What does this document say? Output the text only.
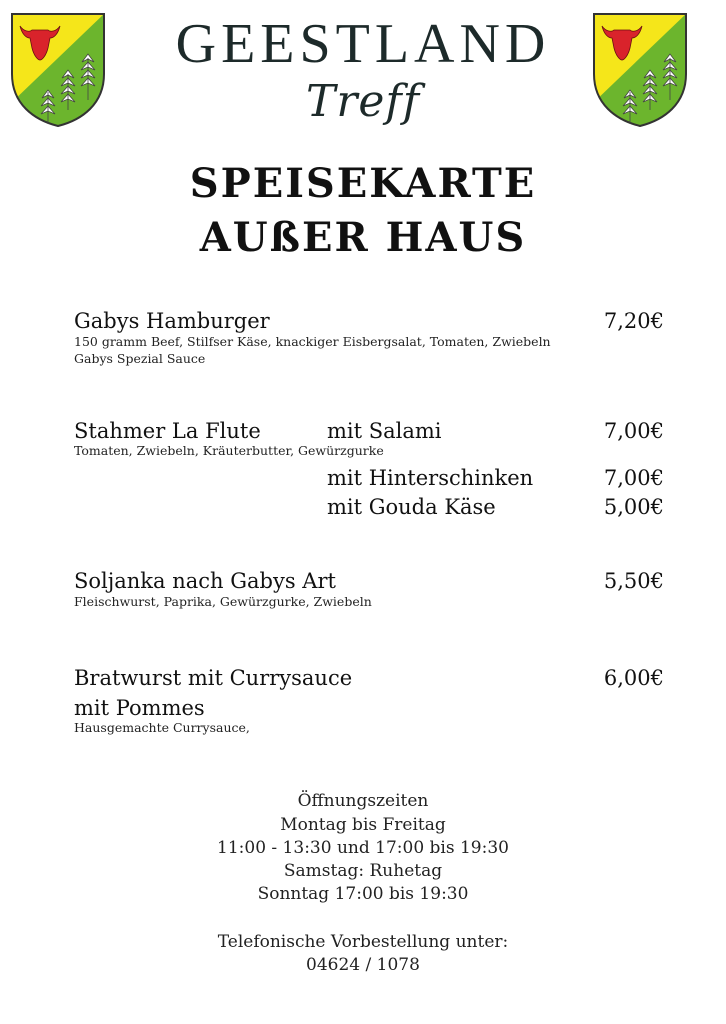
GEESTLAND
Treff
SPEISEKARTE
AUßER HAUS
Gabys Hamburger	7,20€
150 gramm Beef, Stilfser Käse, knackiger Eisbergsalat, Tomaten, Zwiebeln
Gabys Spezial Sauce
Stahmer La Flute	mit Salami	7,00€
Tomaten, Zwiebeln, Kräuterbutter, Gewürzgurke
mit Hinterschinken	7,00€
mit Gouda Käse	5,00€
Soljanka nach Gabys Art	5,50€
Fleischwurst, Paprika, Gewürzgurke, Zwiebeln
Bratwurst mit Currysauce	6,00€
mit Pommes
Hausgemachte Currysauce,
Öffnungszeiten
Montag bis Freitag
11:00 - 13:30 und 17:00 bis 19:30
Samstag: Ruhetag
Sonntag 17:00 bis 19:30
Telefonische Vorbestellung unter:
04624 / 1078
